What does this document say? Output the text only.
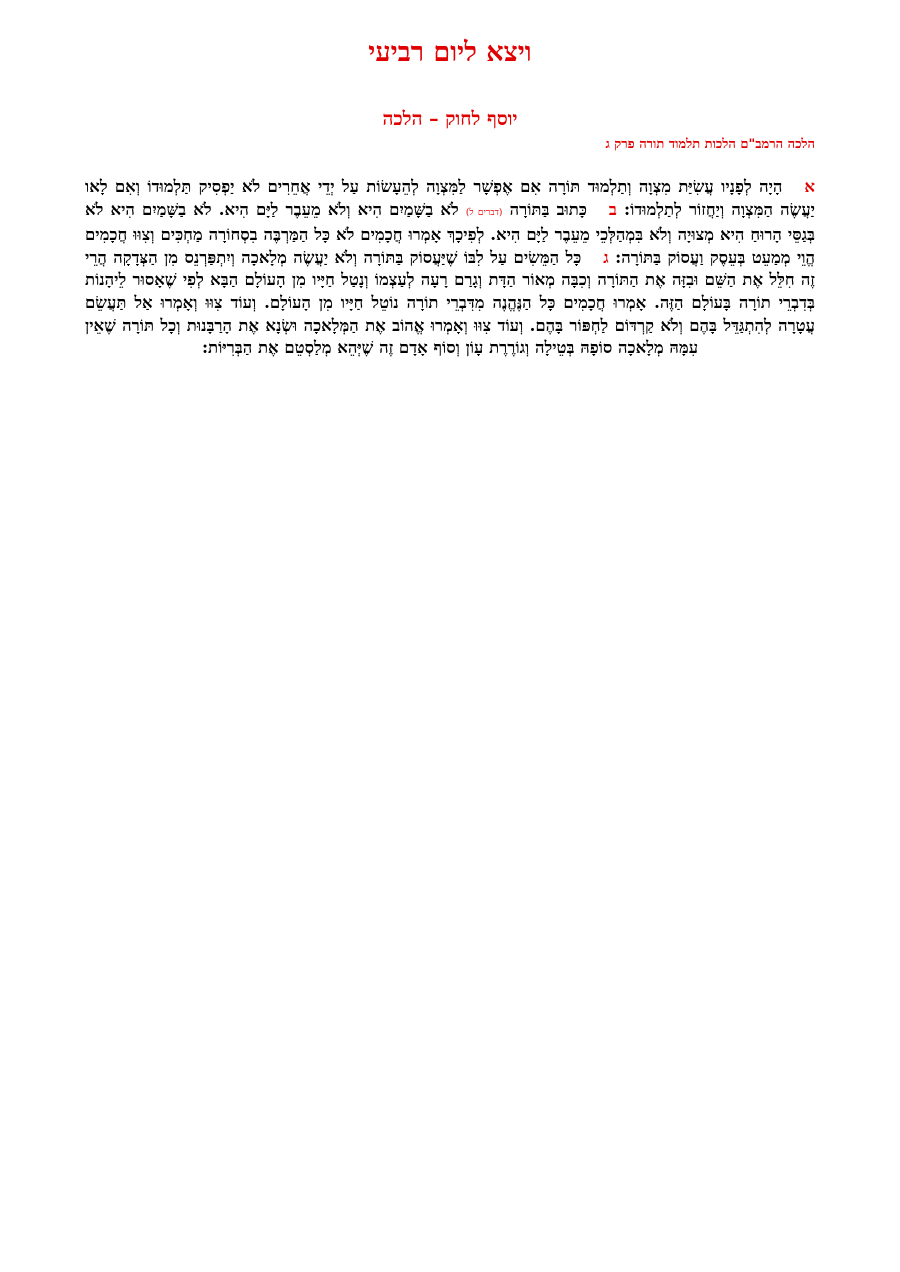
ויצא ליום רביעי
יוסף לחוק – הלכה
הלכה הרמב"ם הלכות תלמוד תורה פרק ג

אהָיָה לְפָנָיו עֲשִׂיַּת מִצְוָה וְתַלְמוּד תּוֹרָה אִם אֶפְשָׁר לַמִּצְוָה לְהֵעָשׂוֹת עַל יְדֵי אֲחֵרִים לֹא יַפְסִיק תַּלְמוּדוֹ וְאִם לָאו יַעֲשֶׂה הַמִּצְוָה וְיַחֲזוֹר לְתַלְמוּדוֹ: בכָּתוּב בַּתּוֹרָה (דברים ל) לֹא בַשָּׁמַיִם הִיא וְלֹא מֵעֵבֶר לַיָּם הִיא. לֹא בַשָּׁמַיִם הִיא לֹא בְּגַסֵּי הָרוּחַ הִיא מְצוּיָה וְלֹא בִּמְהַלְּכֵי מֵעֵבֶר לַיָּם הִיא. לְפִיכָךְ אָמְרוּ חֲכָמִים לֹא כָּל הַמַּרְבֶּה בִסְחוֹרָה מַחְכִּים וְצִוּוּ חֲכָמִים הֱוֵי מְמַעֵט בְּעֵסֶק וַעֲסוֹק בַּתּוֹרָה: גכָּל הַמֵּשִׂים עַל לִבּוֹ שֶׁיַּעֲסוֹק בַּתּוֹרָה וְלֹא יַעֲשֶׂה מְלָאכָה וְיִתְפַּרְנֵס מִן הַצְּדָקָה הֲרֵי זֶה חִלֵּל אֶת הַשֵּׁם וּבִזָּה אֶת הַתּוֹרָה וְכִבָּה מְאוֹר הַדָּת וְגָרַם רָעָה לְעַצְמוֹ וְנָטַל חַיָּיו מִן הָעוֹלָם הַבָּא לְפִי שֶׁאָסוּר לֵיהָנוֹת בְּדִבְרֵי תוֹרָה בָּעוֹלָם הַזֶּה. אָמְרוּ חֲכָמִים כָּל הַנֶּהֱנֶה מִדִּבְרֵי תוֹרָה נוֹטֵל חַיָּיו מִן הָעוֹלָם. וְעוֹד צִוּוּ וְאָמְרוּ אַל תַּעֲשֵׂם עֲטָרָה לְהִתְגַּדֵּל בָּהֶם וְלֹא קַרְדּוֹם לַחְפּוֹר בָּהֶם. וְעוֹד צִוּוּ וְאָמְרוּ אֱהוֹב אֶת הַמְּלָאכָה וּשְׂנָא אֶת הָרַבָּנוּת וְכָל תּוֹרָה שֶׁאֵין עִמָּהּ מְלָאכָה סוֹפָהּ בְּטֵילָה וְגוֹרֶרֶת עָוֹן וְסוֹף אָדָם זֶה שֶׁיְּהֵא מְלַסְטֵם אֶת הַבְּרִיּוֹת:
